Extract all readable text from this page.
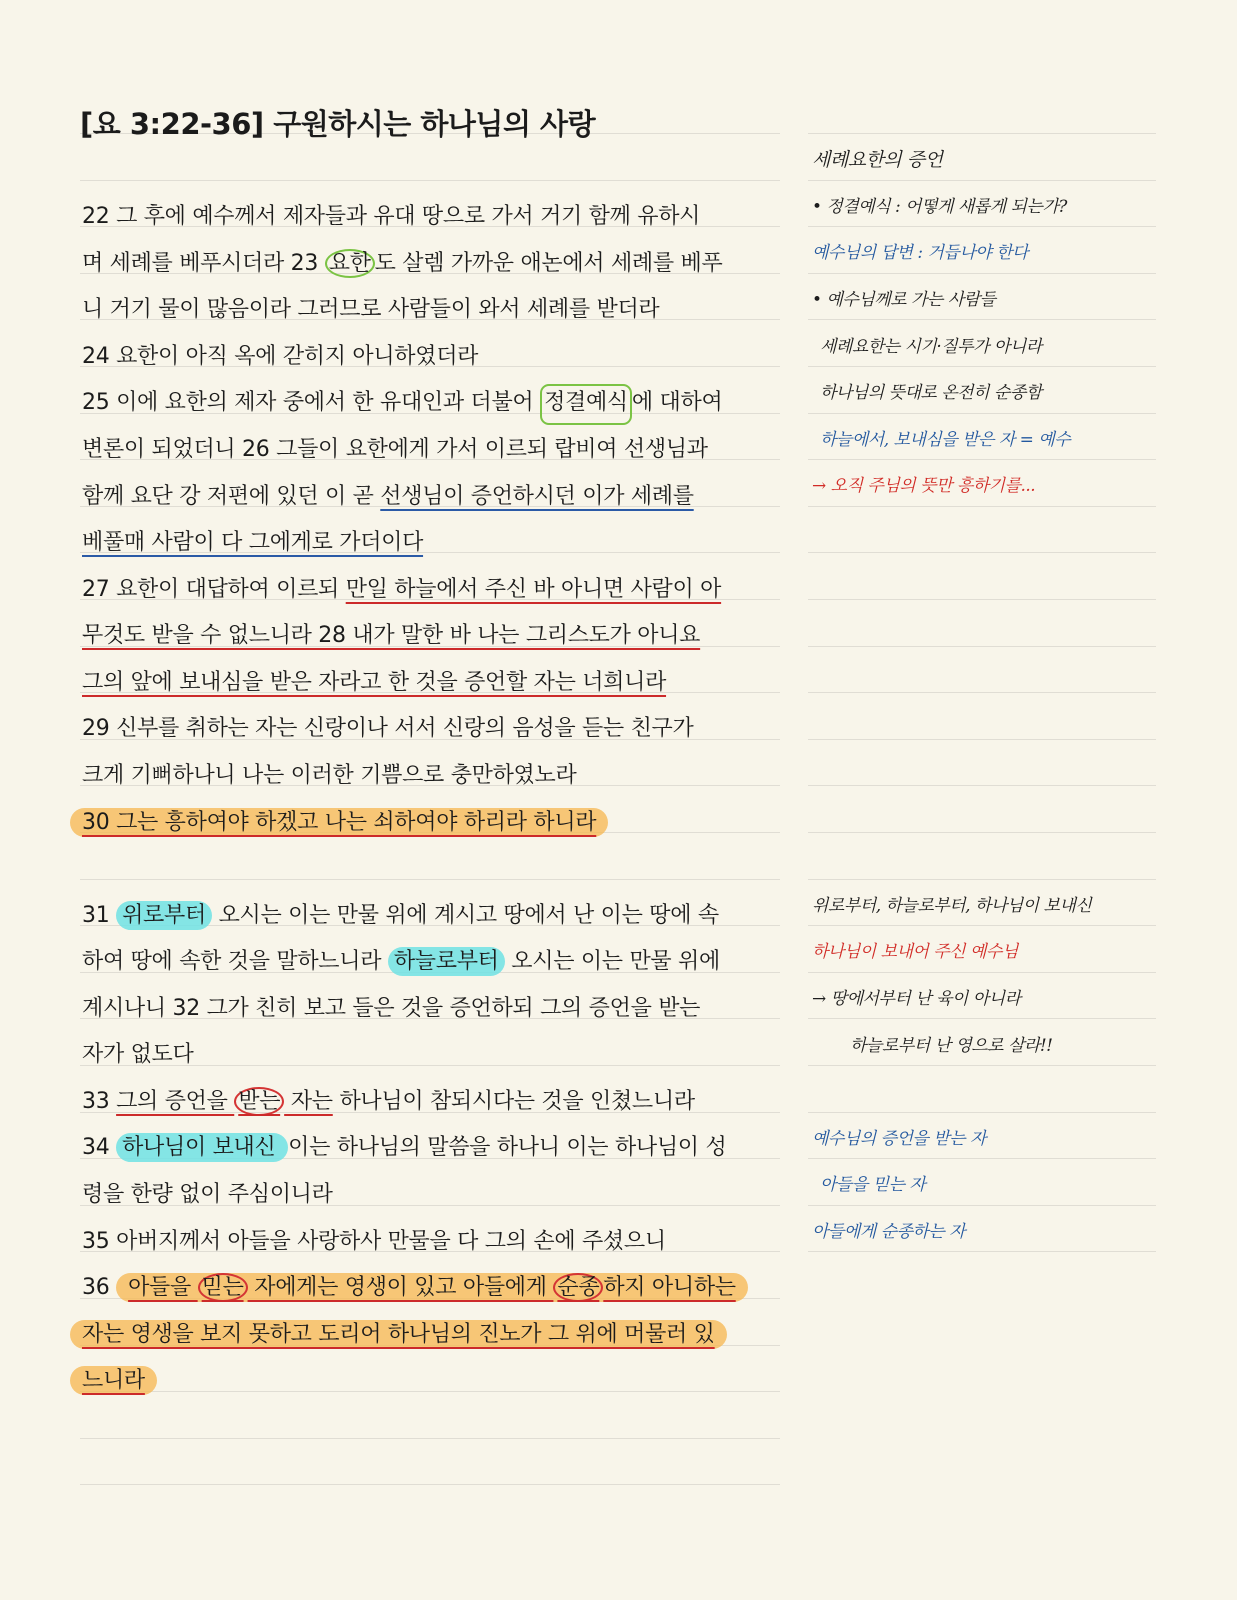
[요 3:22-36] 구원하시는 하나님의 사랑
22 그 후에 예수께서 제자들과 유대 땅으로 가서 거기 함께 유하시
며 세례를 베푸시더라 23 요한 도 살렘 가까운 애논에서 세례를 베푸
니 거기 물이 많음이라 그러므로 사람들이 와서 세례를 받더라
24 요한이 아직 옥에 갇히지 아니하였더라
25 이에 요한의 제자 중에서 한 유대인과 더불어 정결예식 에 대하여
변론이 되었더니 26 그들이 요한에게 가서 이르되 랍비여 선생님과
함께 요단 강 저편에 있던 이 곧 선생님이 증언하시던 이가 세례를
베풀매 사람이 다 그에게로 가더이다
27 요한이 대답하여 이르되 만일 하늘에서 주신 바 아니면 사람이 아
무것도 받을 수 없느니라 28 내가 말한 바 나는 그리스도가 아니요
그의 앞에 보내심을 받은 자라고 한 것을 증언할 자는 너희니라
29 신부를 취하는 자는 신랑이나 서서 신랑의 음성을 듣는 친구가
크게 기뻐하나니 나는 이러한 기쁨으로 충만하였노라
30 그는 흥하여야 하겠고 나는 쇠하여야 하리라 하니라
31 위로부터 오시는 이는 만물 위에 계시고 땅에서 난 이는 땅에 속
하여 땅에 속한 것을 말하느니라 하늘로부터 오시는 이는 만물 위에
계시나니 32 그가 친히 보고 들은 것을 증언하되 그의 증언을 받는
자가 없도다
33 그의 증언을 받는 자는 하나님이 참되시다는 것을 인쳤느니라
34 하나님이 보내신 이는 하나님의 말씀을 하나니 이는 하나님이 성
령을 한량 없이 주심이니라
35 아버지께서 아들을 사랑하사 만물을 다 그의 손에 주셨으니
36 아들을 믿는 자에게는 영생이 있고 아들에게 순종 하지 아니하는
자는 영생을 보지 못하고 도리어 하나님의 진노가 그 위에 머물러 있
느니라
세례요한의 증언
• 정결예식 : 어떻게 새롭게 되는가?
예수님의 답변 : 거듭나야 한다
• 예수님께로 가는 사람들
세례요한는 시기·질투가 아니라
하나님의 뜻대로 온전히 순종함
하늘에서, 보내심을 받은 자 = 예수
→ 오직 주님의 뜻만 흥하기를...
위로부터, 하늘로부터, 하나님이 보내신
하나님이 보내어 주신 예수님
→ 땅에서부터 난 육이 아니라
하늘로부터 난 영으로 살라!!
예수님의 증언을 받는 자
아들을 믿는 자
아들에게 순종하는 자
